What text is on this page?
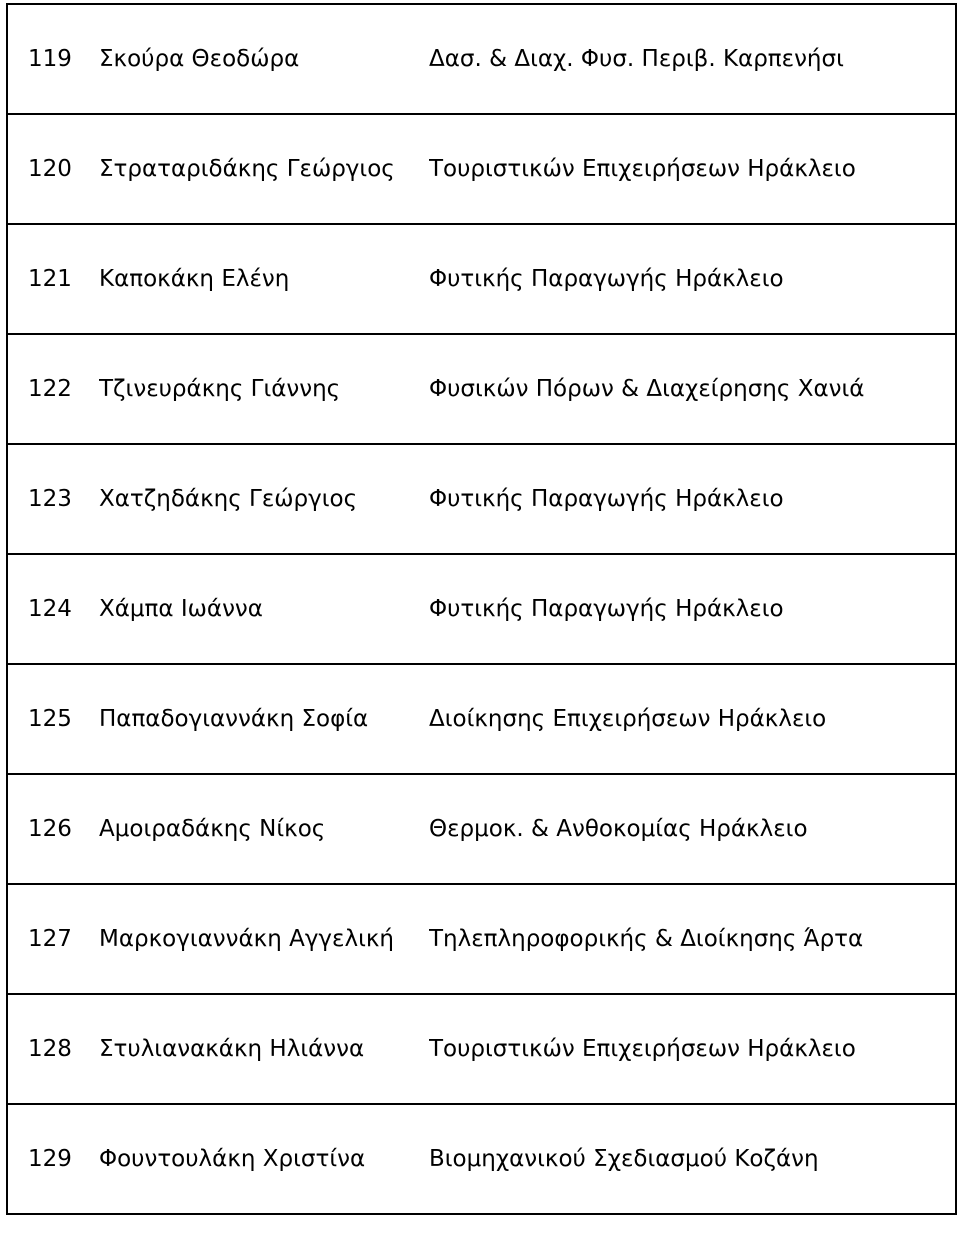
119	Σκούρα Θεοδώρα	Δασ. & Διαχ. Φυσ. Περιβ. Καρπενήσι

120	Στραταριδάκης Γεώργιος	Τουριστικών Επιχειρήσεων Ηράκλειο

121	Καποκάκη Ελένη	Φυτικής Παραγωγής Ηράκλειο

122	Τζινευράκης Γιάννης	Φυσικών Πόρων & Διαχείρησης Χανιά

123	Χατζηδάκης Γεώργιος	Φυτικής Παραγωγής Ηράκλειο

124	Χάμπα Ιωάννα	Φυτικής Παραγωγής Ηράκλειο

125	Παπαδογιαννάκη Σοφία	Διοίκησης Επιχειρήσεων Ηράκλειο

126	Αμοιραδάκης Νίκος	Θερμοκ. & Ανθοκομίας Ηράκλειο

127	Μαρκογιαννάκη Αγγελική	Τηλεπληροφορικής & Διοίκησης Άρτα

128	Στυλιανακάκη Ηλιάννα	Τουριστικών Επιχειρήσεων Ηράκλειο

129	Φουντουλάκη Χριστίνα	Βιομηχανικού Σχεδιασμού Κοζάνη
